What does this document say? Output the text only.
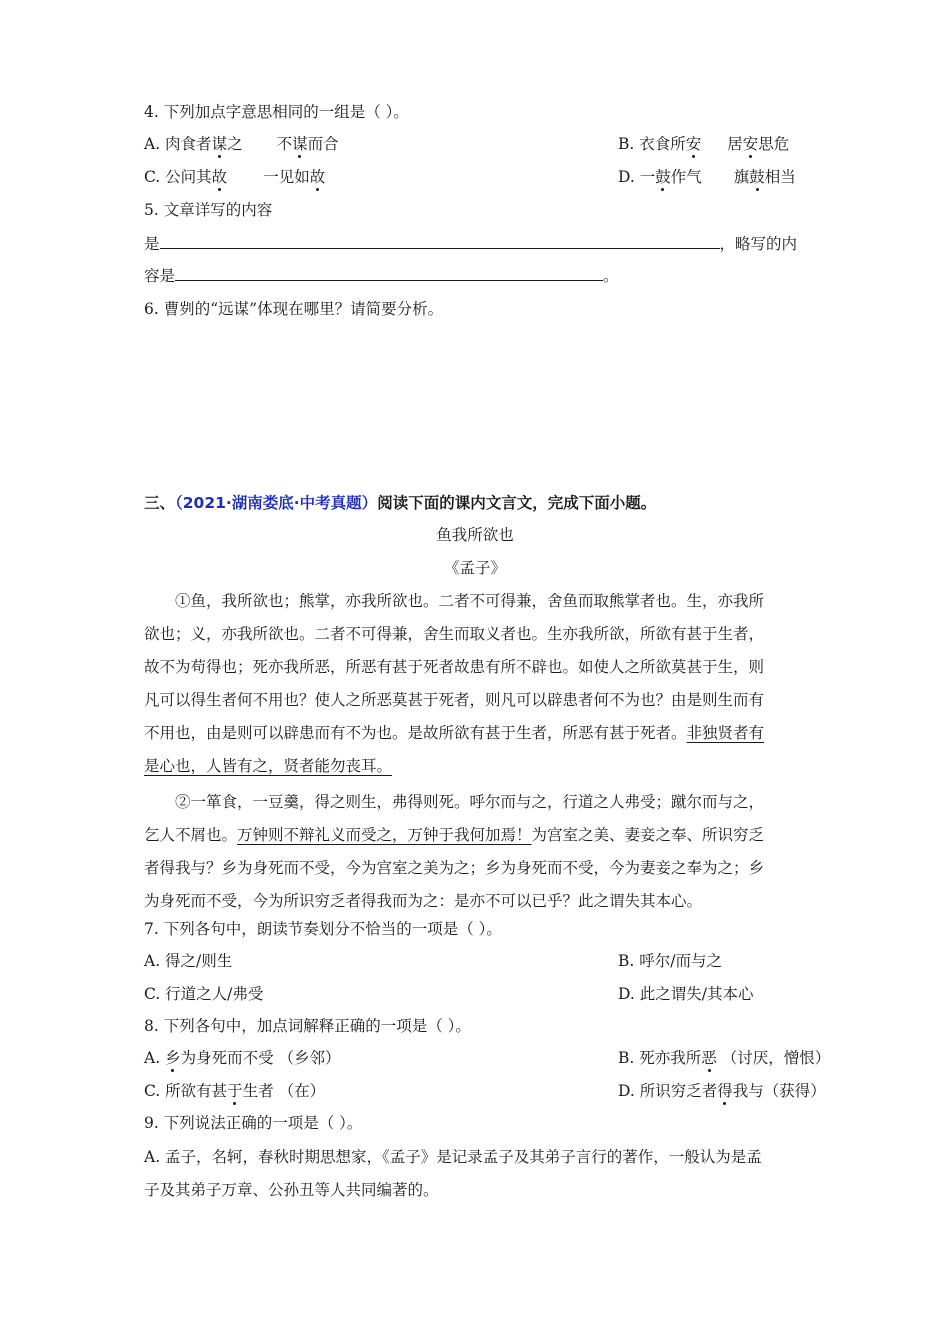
4. 下列加点字意思相同的一组是（ ）。
A. 肉食者谋之 不谋而合	B. 衣食所安 居安思危
C. 公问其故 一见如故	D. 一鼓作气 旗鼓相当
5. 文章详写的内容
是	，略写的内
容是	。
6. 曹刿的“远谋”体现在哪里？请简要分析。
三、（2021·湖南娄底·中考真题）阅读下面的课内文言文，完成下面小题。
鱼我所欲也
《孟子》
①鱼，我所欲也；熊掌，亦我所欲也。二者不可得兼，舍鱼而取熊掌者也。生，亦我所
欲也；义，亦我所欲也。二者不可得兼，舍生而取义者也。生亦我所欲，所欲有甚于生者，
故不为苟得也；死亦我所恶，所恶有甚于死者故患有所不辟也。如使人之所欲莫甚于生，则
凡可以得生者何不用也？使人之所恶莫甚于死者，则凡可以辟患者何不为也？由是则生而有
不用也，由是则可以辟患而有不为也。是故所欲有甚于生者，所恶有甚于死者。非独贤者有
是心也，人皆有之，贤者能勿丧耳。
②一箪食，一豆羹，得之则生，弗得则死。呼尔而与之，行道之人弗受；蹴尔而与之，
乞人不屑也。万钟则不辩礼义而受之，万钟于我何加焉！为宫室之美、妻妾之奉、所识穷乏
者得我与？乡为身死而不受，今为宫室之美为之；乡为身死而不受，今为妻妾之奉为之；乡
为身死而不受，今为所识穷乏者得我而为之：是亦不可以已乎？此之谓失其本心。
7. 下列各句中，朗读节奏划分不恰当的一项是（ ）。
A. 得之/则生	B. 呼尔/而与之
C. 行道之人/弗受	D. 此之谓失/其本心
8. 下列各句中，加点词解释正确的一项是（ ）。
A. 乡为身死而不受 （乡邻）	B. 死亦我所恶 （讨厌，憎恨）
C. 所欲有甚于生者 （在）	D. 所识穷乏者得我与（获得）
9. 下列说法正确的一项是（ ）。
A. 孟子，名轲，春秋时期思想家，《孟子》是记录孟子及其弟子言行的著作，一般认为是孟
子及其弟子万章、公孙丑等人共同编著的。
